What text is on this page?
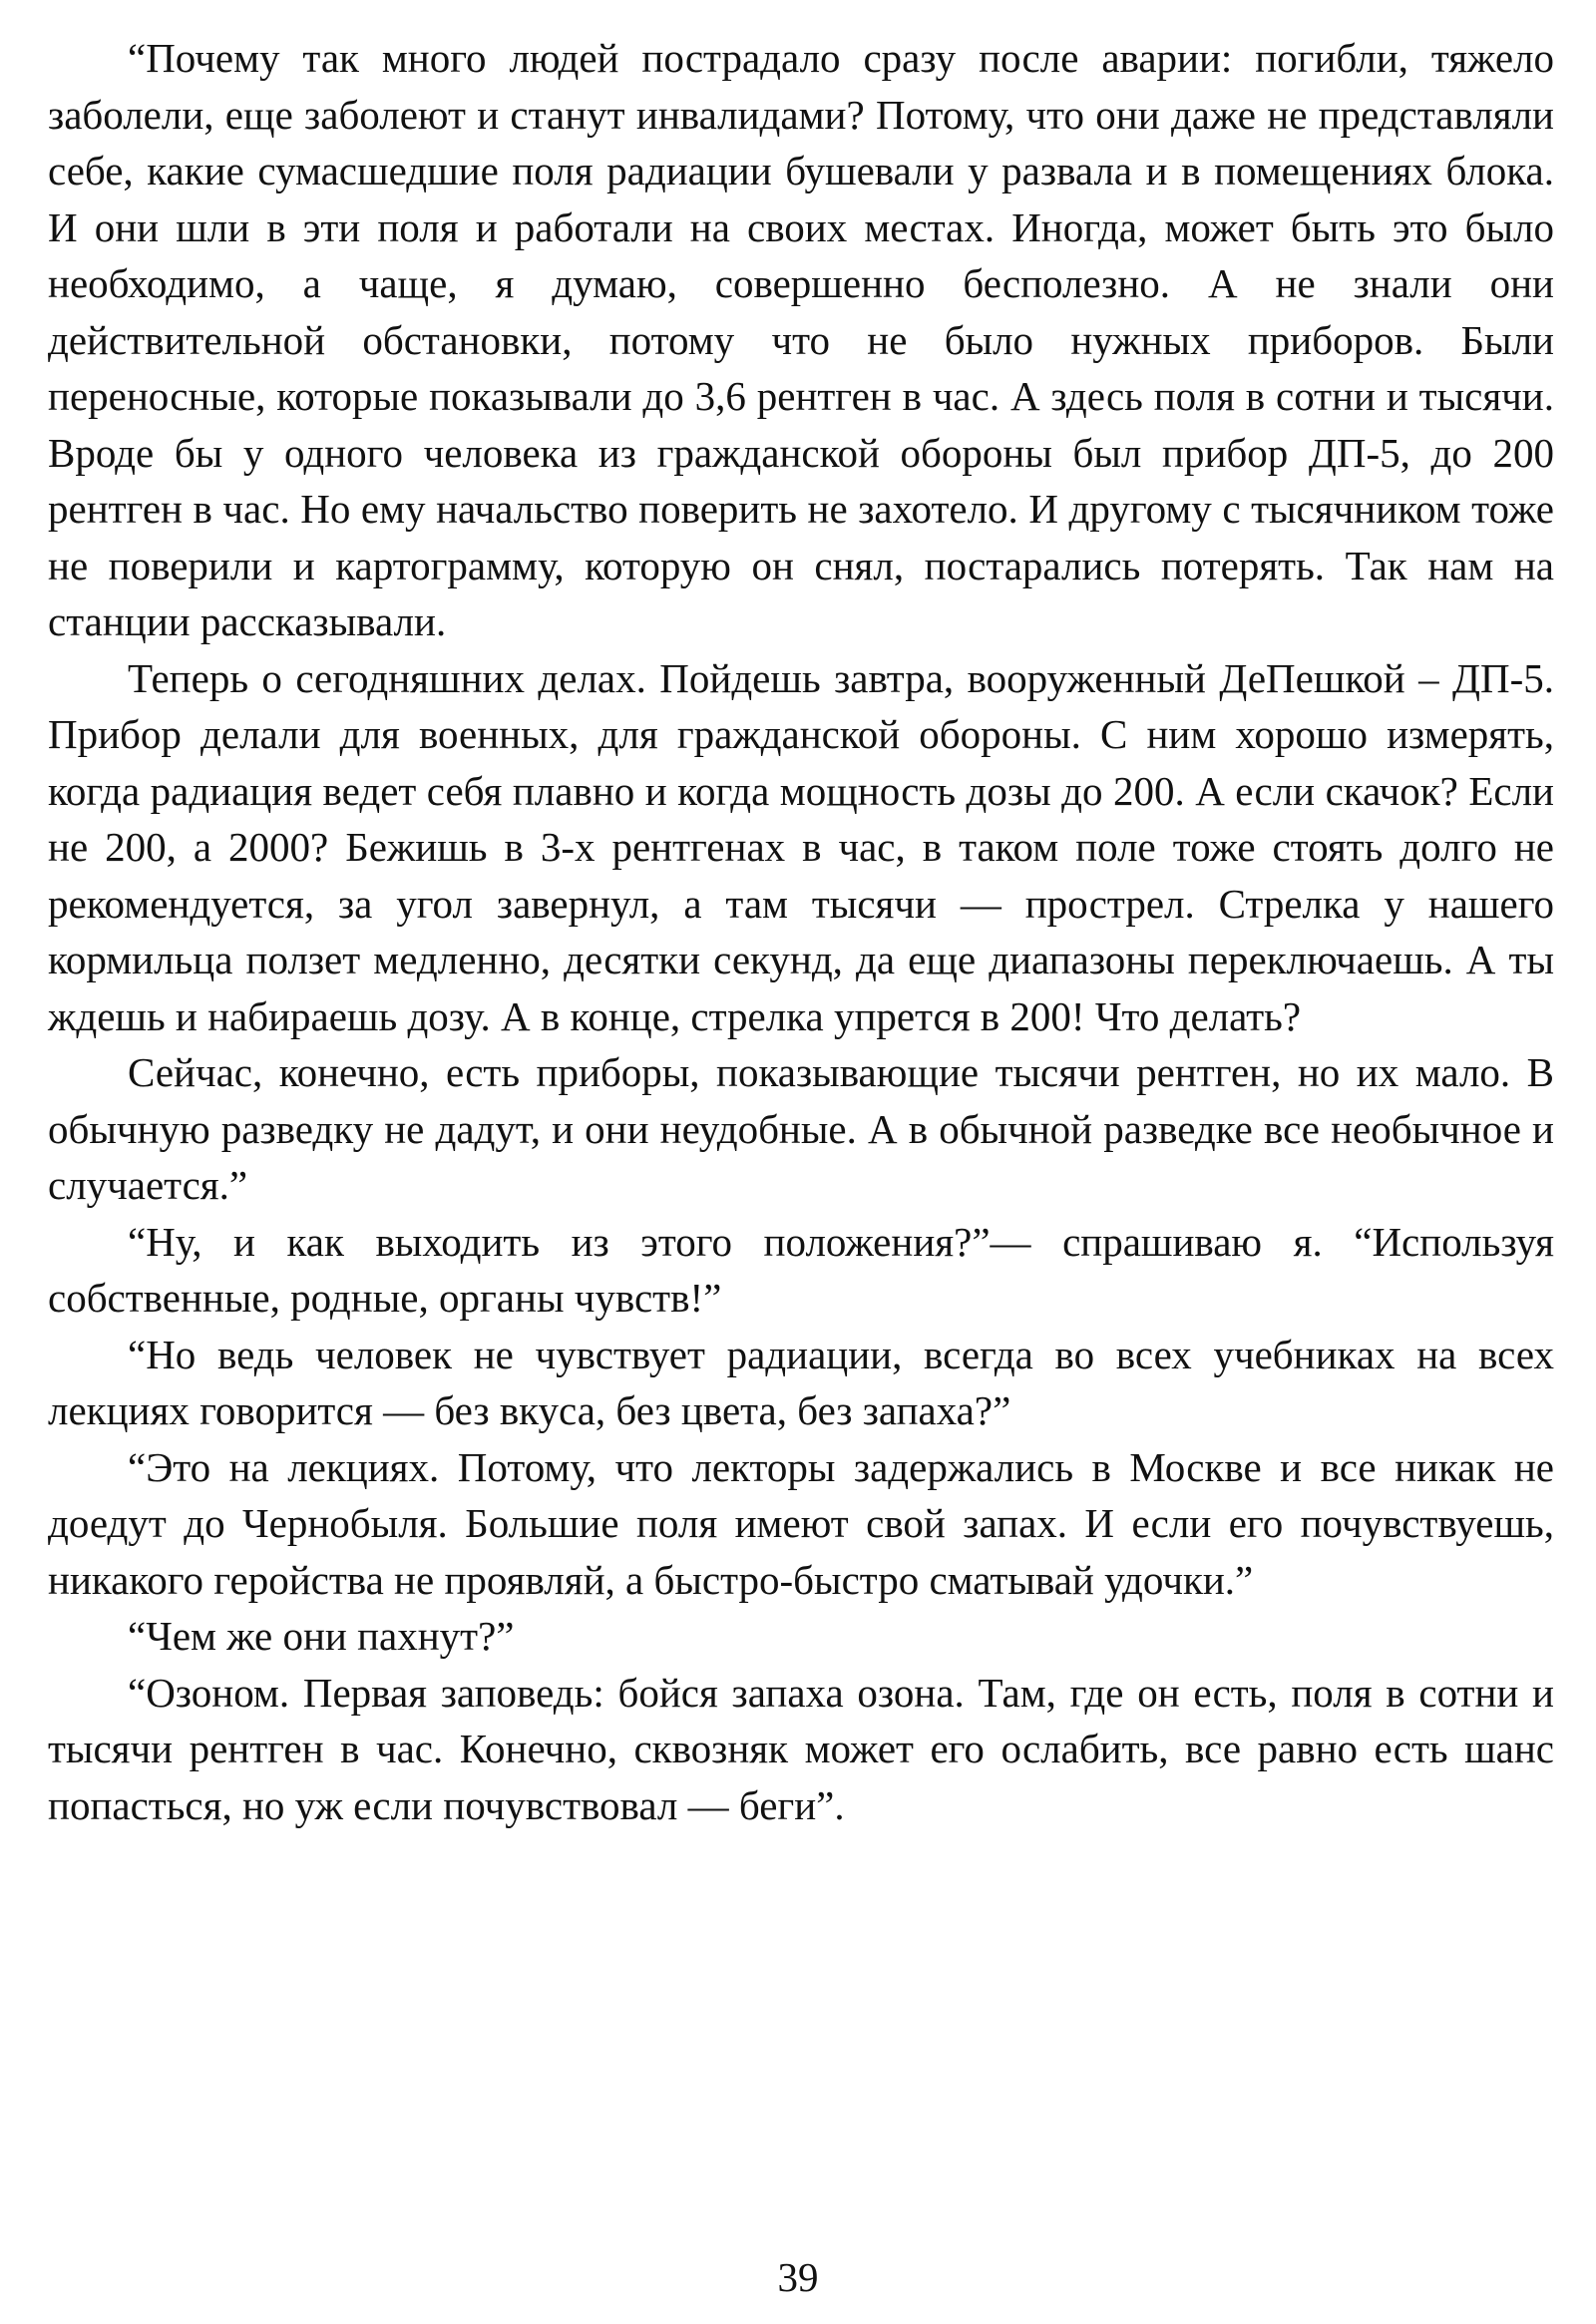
“Почему так много людей пострадало сразу после аварии: погибли, тяжело заболели, еще заболеют и станут инвалидами? Потому, что они даже не представляли себе, какие сумасшедшие поля радиации бушевали у развала и в помещениях блока. И они шли в эти поля и работали на своих местах. Иногда, может быть это было необходимо, а чаще, я думаю, совершенно бесполезно. А не знали они действительной обстановки, потому что не было нужных приборов. Были переносные, которые показывали до 3,6 рентген в час. А здесь поля в сотни и тысячи. Вроде бы у одного человека из гражданской обороны был прибор ДП-5, до 200 рентген в час. Но ему начальство поверить не захотело. И другому с тысячником тоже не поверили и картограмму, которую он снял, постарались потерять. Так нам на станции рассказывали.

Теперь о сегодняшних делах. Пойдешь завтра, вооруженный ДеПешкой – ДП-5. Прибор делали для военных, для гражданской обороны. С ним хорошо измерять, когда радиация ведет себя плавно и когда мощность дозы до 200. А если скачок? Если не 200, а 2000? Бежишь в 3-х рентгенах в час, в таком поле тоже стоять долго не рекомендуется, за угол завернул, а там тысячи — прострел. Стрелка у нашего кормильца ползет медленно, десятки секунд, да еще диапазоны переключаешь. А ты ждешь и набираешь дозу. А в конце, стрелка упрется в 200! Что делать?

Сейчас, конечно, есть приборы, показывающие тысячи рентген, но их мало. В обычную разведку не дадут, и они неудобные. А в обычной разведке все необычное и случается.”

“Ну, и как выходить из этого положения?”— спрашиваю я. “Используя собственные, родные, органы чувств!”

“Но ведь человек не чувствует радиации, всегда во всех учебниках на всех лекциях говорится — без вкуса, без цвета, без запаха?”

“Это на лекциях. Потому, что лекторы задержались в Москве и все никак не доедут до Чернобыля. Большие поля имеют свой запах. И если его почувствуешь, никакого геройства не проявляй, а быстро-быстро сматывай удочки.”

“Чем же они пахнут?”

“Озоном. Первая заповедь: бойся запаха озона. Там, где он есть, поля в сотни и тысячи рентген в час. Конечно, сквозняк может его ослабить, все равно есть шанс попасться, но уж если почувствовал — беги”.

39
